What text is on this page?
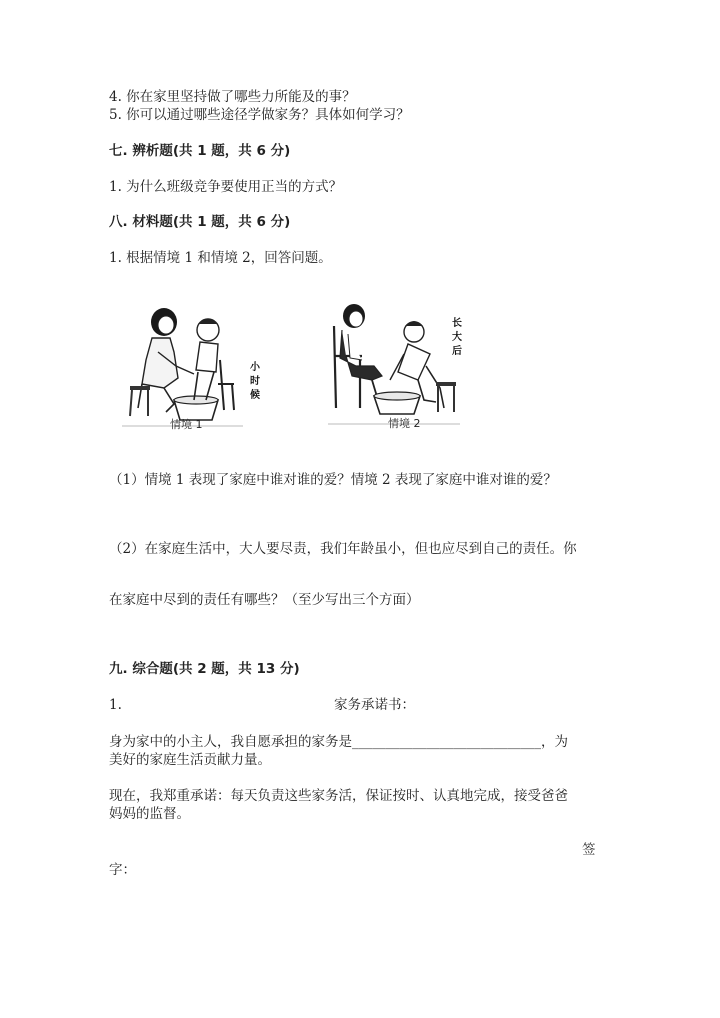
4. 你在家里坚持做了哪些力所能及的事？
5. 你可以通过哪些途径学做家务？具体如何学习？
七. 辨析题(共 1 题，共 6 分)
1. 为什么班级竞争要使用正当的方式？
八. 材料题(共 1 题，共 6 分)
1. 根据情境 1 和情境 2，回答问题。
情境 1
小
时
候
情境 2
长
大
后
（1）情境 1 表现了家庭中谁对谁的爱？情境 2 表现了家庭中谁对谁的爱？
（2）在家庭生活中，大人要尽责，我们年龄虽小，但也应尽到自己的责任。你
在家庭中尽到的责任有哪些？（至少写出三个方面）
九. 综合题(共 2 题，共 13 分)
1.	家务承诺书：
身为家中的小主人，我自愿承担的家务是____________________________，为
美好的家庭生活贡献力量。
现在，我郑重承诺：每天负责这些家务活，保证按时、认真地完成，接受爸爸
妈妈的监督。
签
字：
